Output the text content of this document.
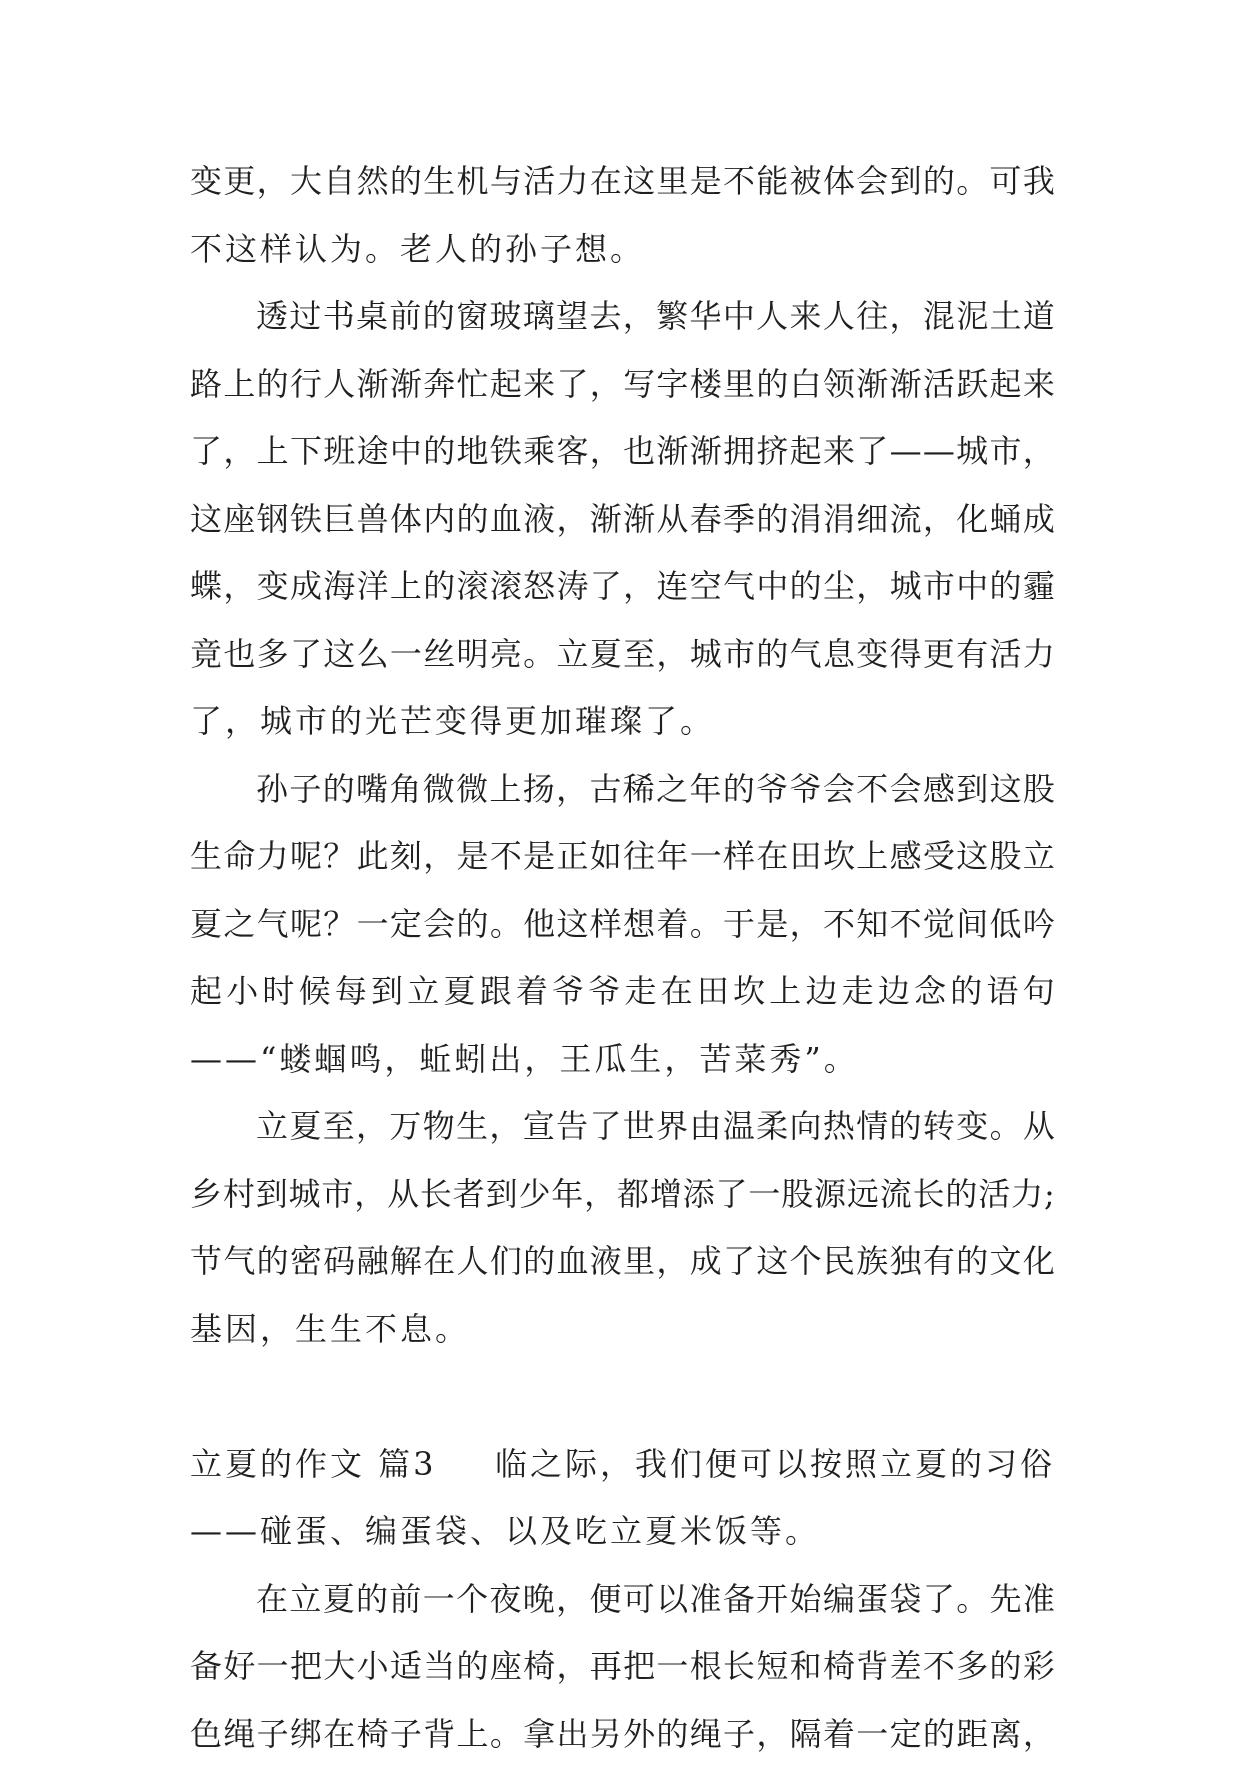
变 更 ， 大 自 然 的 生 机 与 活 力 在 这 里 是 不 能 被 体 会 到 的 。 可 我
不这样认为。老人的孙子想。
透 过 书 桌 前 的 窗 玻 璃 望 去 ， 繁 华 中 人 来 人 往 ， 混 泥 土 道
路 上 的 行 人 渐 渐 奔 忙 起 来 了 ， 写 字 楼 里 的 白 领 渐 渐 活 跃 起 来
了 ， 上 下 班 途 中 的 地 铁 乘 客 ， 也 渐 渐 拥 挤 起 来 了 — — 城 市 ，
这 座 钢 铁 巨 兽 体 内 的 血 液 ， 渐 渐 从 春 季 的 涓 涓 细 流 ， 化 蛹 成
蝶 ， 变 成 海 洋 上 的 滚 滚 怒 涛 了 ， 连 空 气 中 的 尘 ， 城 市 中 的 霾
竟 也 多 了 这 么 一 丝 明 亮 。 立 夏 至 ， 城 市 的 气 息 变 得 更 有 活 力
了，城市的光芒变得更加璀璨了。
孙 子 的 嘴 角 微 微 上 扬 ， 古 稀 之 年 的 爷 爷 会 不 会 感 到 这 股
生 命 力 呢 ？ 此 刻 ， 是 不 是 正 如 往 年 一 样 在 田 坎 上 感 受 这 股 立
夏 之 气 呢 ？ 一 定 会 的 。 他 这 样 想 着 。 于 是 ， 不 知 不 觉 间 低 吟
起 小 时 候 每 到 立 夏 跟 着 爷 爷 走 在 田 坎 上 边 走 边 念 的 语 句
——“蝼蝈鸣，蚯蚓出，王瓜生，苦菜秀”。
立 夏 至 ， 万 物 生 ， 宣 告 了 世 界 由 温 柔 向 热 情 的 转 变 。 从
乡 村 到 城 市 ， 从 长 者 到 少 年 ， 都 增 添 了 一 股 源 远 流 长 的 活 力 ;
节 气 的 密 码 融 解 在 人 们 的 血 液 里 ， 成 了 这 个 民 族 独 有 的 文 化
基因，生生不息。
立夏的作文 篇3	临之际，我们便可以按照立夏的习俗
——碰蛋、编蛋袋、以及吃立夏米饭等。
在 立 夏 的 前 一 个 夜 晚 ， 便 可 以 准 备 开 始 编 蛋 袋 了 。 先 准
备 好 一 把 大 小 适 当 的 座 椅 ， 再 把 一 根 长 短 和 椅 背 差 不 多 的 彩
色 绳 子 绑 在 椅 子 背 上 。 拿 出 另 外 的 绳 子 ， 隔 着 一 定 的 距 离 ，
